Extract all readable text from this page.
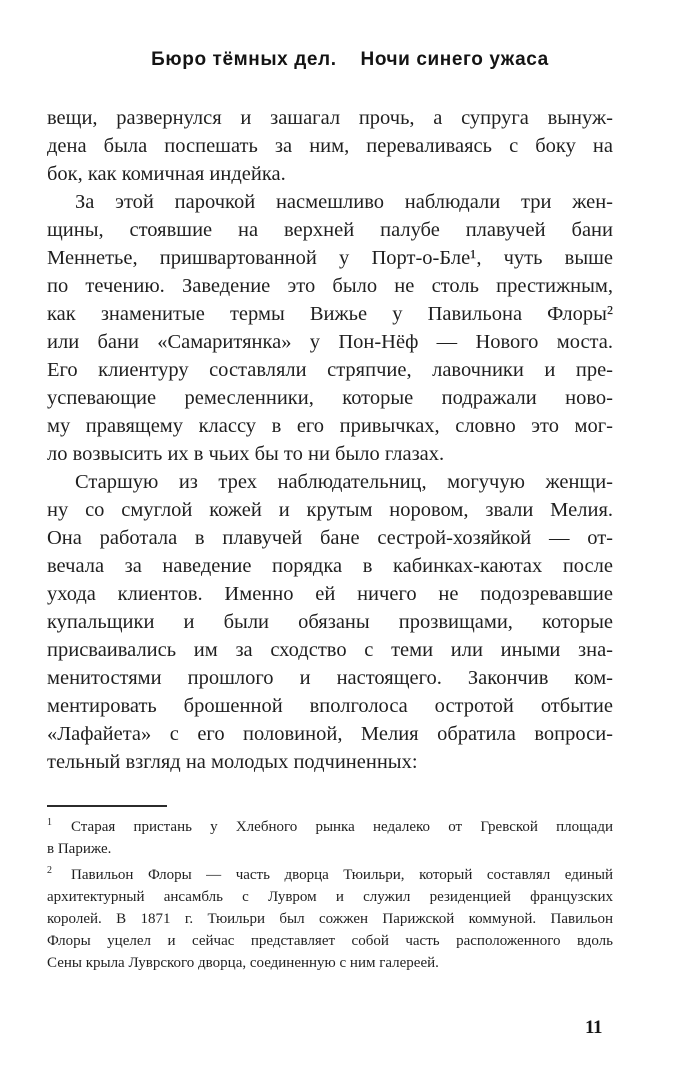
Бюро тёмных дел. Ночи синего ужаса
вещи, развернулся и зашагал прочь, а супруга вынуж-
дена была поспешать за ним, переваливаясь с боку на
бок, как комичная индейка.
За этой парочкой насмешливо наблюдали три жен-
щины, стоявшие на верхней палубе плавучей бани
Меннетье, пришвартованной у Порт-о-Бле¹, чуть выше
по течению. Заведение это было не столь престижным,
как знаменитые термы Вижье у Павильона Флоры²
или бани «Самаритянка» у Пон-Нёф — Нового моста.
Его клиентуру составляли стряпчие, лавочники и пре-
успевающие ремесленники, которые подражали ново-
му правящему классу в его привычках, словно это мог-
ло возвысить их в чьих бы то ни было глазах.
Старшую из трех наблюдательниц, могучую женщи-
ну со смуглой кожей и крутым норовом, звали Мелия.
Она работала в плавучей бане сестрой-хозяйкой — от-
вечала за наведение порядка в кабинках-каютах после
ухода клиентов. Именно ей ничего не подозревавшие
купальщики и были обязаны прозвищами, которые
присваивались им за сходство с теми или иными зна-
менитостями прошлого и настоящего. Закончив ком-
ментировать брошенной вполголоса остротой отбытие
«Лафайета» с его половиной, Мелия обратила вопроси-
тельный взгляд на молодых подчиненных:
1 Старая пристань у Хлебного рынка недалеко от Гревской площади
в Париже.
2 Павильон Флоры — часть дворца Тюильри, который составлял единый
архитектурный ансамбль с Лувром и служил резиденцией французских
королей. В 1871 г. Тюильри был сожжен Парижской коммуной. Павильон
Флоры уцелел и сейчас представляет собой часть расположенного вдоль
Сены крыла Луврского дворца, соединенную с ним галереей.
11
